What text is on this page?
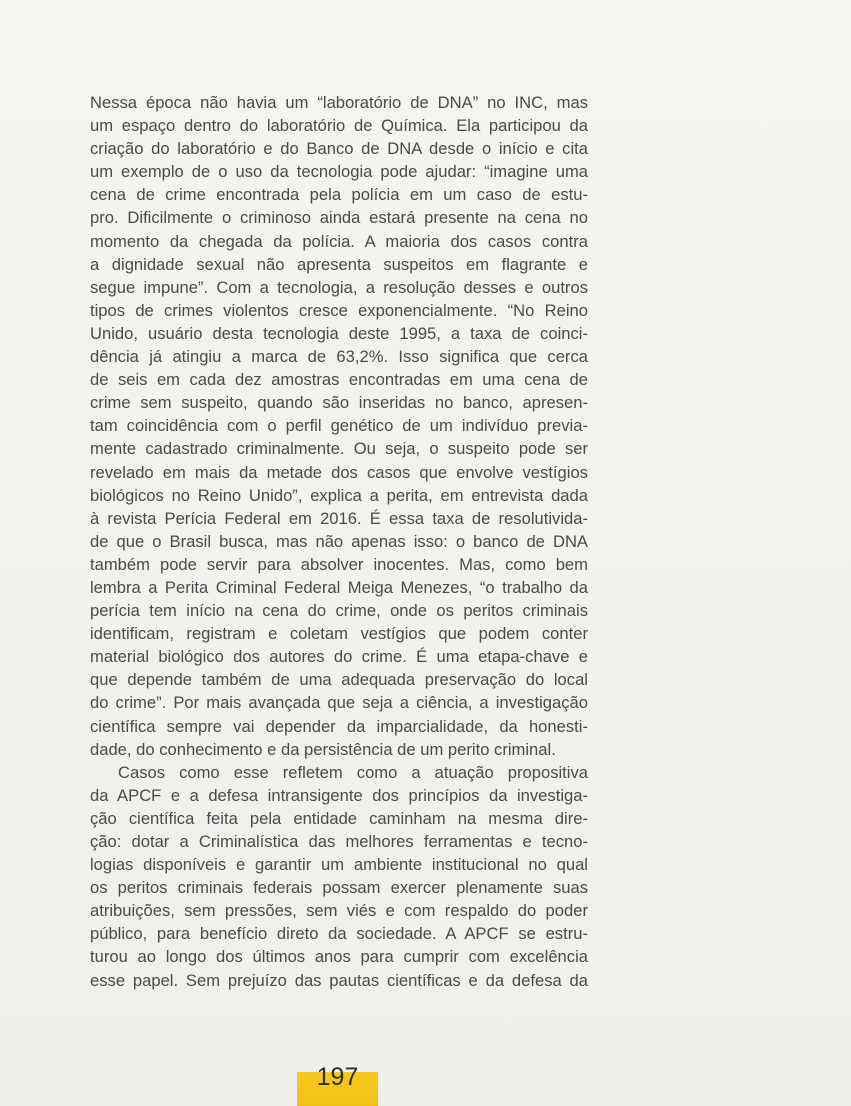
Nessa época não havia um “laboratório de DNA” no INC, mas
um espaço dentro do laboratório de Química. Ela participou da
criação do laboratório e do Banco de DNA desde o início e cita
um exemplo de o uso da tecnologia pode ajudar: “imagine uma
cena de crime encontrada pela polícia em um caso de estu-
pro. Dificilmente o criminoso ainda estará presente na cena no
momento da chegada da polícia. A maioria dos casos contra
a dignidade sexual não apresenta suspeitos em flagrante e
segue impune”. Com a tecnologia, a resolução desses e outros
tipos de crimes violentos cresce exponencialmente. “No Reino
Unido, usuário desta tecnologia deste 1995, a taxa de coinci-
dência já atingiu a marca de 63,2%. Isso significa que cerca
de seis em cada dez amostras encontradas em uma cena de
crime sem suspeito, quando são inseridas no banco, apresen-
tam coincidência com o perfil genético de um indivíduo previa-
mente cadastrado criminalmente. Ou seja, o suspeito pode ser
revelado em mais da metade dos casos que envolve vestígios
biológicos no Reino Unido”, explica a perita, em entrevista dada
à revista Perícia Federal em 2016. É essa taxa de resolutivida-
de que o Brasil busca, mas não apenas isso: o banco de DNA
também pode servir para absolver inocentes. Mas, como bem
lembra a Perita Criminal Federal Meiga Menezes, “o trabalho da
perícia tem início na cena do crime, onde os peritos criminais
identificam, registram e coletam vestígios que podem conter
material biológico dos autores do crime. É uma etapa-chave e
que depende também de uma adequada preservação do local
do crime”. Por mais avançada que seja a ciência, a investigação
científica sempre vai depender da imparcialidade, da honesti-
dade, do conhecimento e da persistência de um perito criminal.

Casos como esse refletem como a atuação propositiva
da APCF e a defesa intransigente dos princípios da investiga-
ção científica feita pela entidade caminham na mesma dire-
ção: dotar a Criminalística das melhores ferramentas e tecno-
logias disponíveis e garantir um ambiente institucional no qual
os peritos criminais federais possam exercer plenamente suas
atribuições, sem pressões, sem viés e com respaldo do poder
público, para benefício direto da sociedade. A APCF se estru-
turou ao longo dos últimos anos para cumprir com excelência
esse papel. Sem prejuízo das pautas científicas e da defesa da

197
